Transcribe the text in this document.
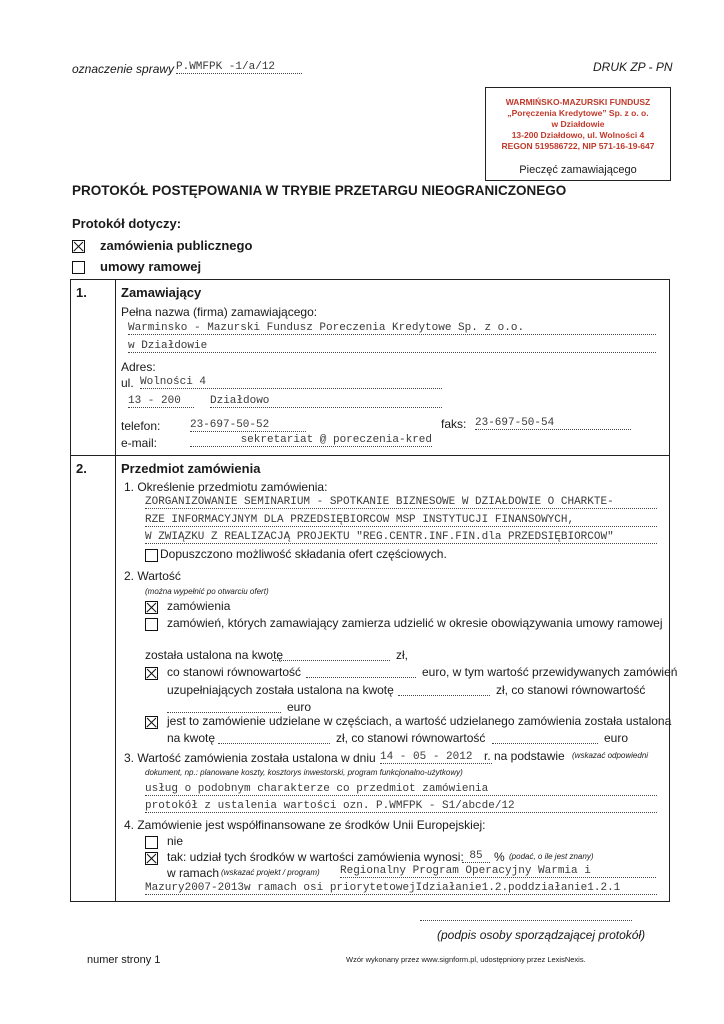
oznaczenie sprawy P.WMFPK -1/a/12	DRUK ZP - PN
WARMIŃSKO-MAZURSKI FUNDUSZ
„Poręczenia Kredytowe” Sp. z o. o.
w Działdowie
13-200 Działdowo, ul. Wolności 4
REGON 519586722, NIP 571-16-19-647
Pieczęć zamawiającego
PROTOKÓŁ POSTĘPOWANIA W TRYBIE PRZETARGU NIEOGRANICZONEGO
Protokół dotyczy:
zamówienia publicznego
umowy ramowej
1.	Zamawiający
Pełna nazwa (firma) zamawiającego:
Warminsko - Mazurski Fundusz Poreczenia Kredytowe Sp. z o.o.
w Działdowie
Adres:
ul. Wolności 4
13 - 200	Działdowo
telefon:	23-697-50-52	faks: 23-697-50-54
e-mail:	sekretariat @ poreczenia-kred
2.	Przedmiot zamówienia
1. Określenie przedmiotu zamówienia:
ZORGANIZOWANIE SEMINARIUM - SPOTKANIE BIZNESOWE W DZIAŁDOWIE O CHARKTE-
RZE INFORMACYJNYM DLA PRZEDSIĘBIORCÓW MSP INSTYTUCJI FINANSOWYCH,
W ZWIĄZKU Z REALIZACJĄ PROJEKTU "REG.CENTR.INF.FIN.dla PRZEDSIĘBIORCÓW"
Dopuszczono możliwość składania ofert częściowych.
2. Wartość
(można wypełnić po otwarciu ofert)
zamówienia
zamówień, których zamawiający zamierza udzielić w okresie obowiązywania umowy ramowej
została ustalona na kwotę	zł,
co stanowi równowartość	euro, w tym wartość przewidywanych zamówień
uzupełniających została ustalona na kwotę	zł, co stanowi równowartość
euro
jest to zamówienie udzielane w częściach, a wartość udzielanego zamówienia została ustalona
na kwotę	zł, co stanowi równowartość	euro
3. Wartość zamówienia została ustalona w dniu 14 - 05 - 2012 r. na podstawie (wskazać odpowiedni
dokument, np.: planowane koszty, kosztorys inwestorski, program funkcjonalno-użytkowy)
usług o podobnym charakterze co przedmiot zamówienia
protokół z ustalenia wartości ozn. P.WMFPK - S1/abcde/12
4. Zamówienie jest współfinansowane ze środków Unii Europejskiej:
nie
tak: udział tych środków w wartości zamówienia wynosi: 85 % (podać, o ile jest znany)
w ramach (wskazać projekt / program) Regionalny Program Operacyjny Warmia i
Mazury2007-2013w ramach osi priorytetowejIdziałanie1.2.poddziałanie1.2.1
(podpis osoby sporządzającej protokół)
numer strony 1	Wzór wykonany przez www.signform.pl, udostępniony przez LexisNexis.
